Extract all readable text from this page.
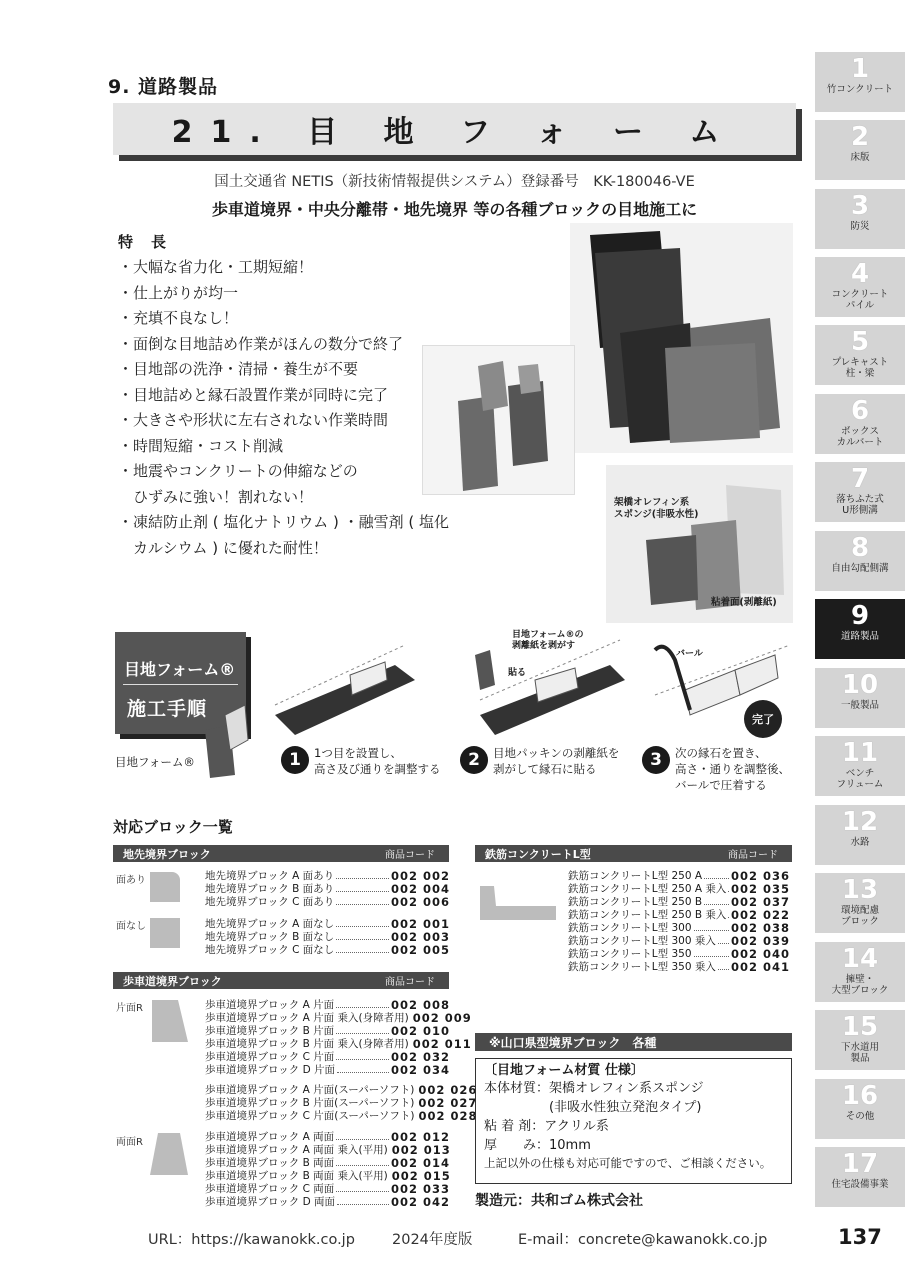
9. 道路製品
21. 目 地 フ ォ ー ム
国土交通省 NETIS（新技術情報提供システム）登録番号　KK-180046-VE
歩車道境界・中央分離帯・地先境界 等の各種ブロックの目地施工に
特長
・大幅な省力化・工期短縮！
・仕上がりが均一
・充填不良なし！
・面倒な目地詰め作業がほんの数分で終了
・目地部の洗浄・清掃・養生が不要
・目地詰めと縁石設置作業が同時に完了
・大きさや形状に左右されない作業時間
・時間短縮・コスト削減
・地震やコンクリートの伸縮などの
　ひずみに強い！割れない！
・凍結防止剤 ( 塩化ナトリウム ) ・融雪剤 ( 塩化
　カルシウム ) に優れた耐性！
架橋オレフィン系
スポンジ(非吸水性)
粘着面(剥離紙)
目地フォーム®
施工手順
目地フォーム®	1	1つ目を設置し、
高さ及び通りを調整する
目地フォーム®の
剥離紙を剥がす
貼る
2	目地パッキンの剥離紙を
剥がして縁石に貼る
バール
完了
3	次の縁石を置き、
高さ・通りを調整後、
バールで圧着する
対応ブロック一覧
地先境界ブロック	商品コード
面あり	地先境界ブロック A 面あり	002 002
地先境界ブロック B 面あり	002 004
地先境界ブロック C 面あり	002 006
面なし	地先境界ブロック A 面なし	002 001
地先境界ブロック B 面なし	002 003
地先境界ブロック C 面なし	002 005
歩車道境界ブロック	商品コード
片面R	歩車道境界ブロック A 片面	002 008
歩車道境界ブロック A 片面 乗入(身障者用) 002 009
歩車道境界ブロック B 片面	002 010
歩車道境界ブロック B 片面 乗入(身障者用) 002 011
歩車道境界ブロック C 片面	002 032
歩車道境界ブロック D 片面	002 034
歩車道境界ブロック A 片面(スーパーソフト) 002 026
歩車道境界ブロック B 片面(スーパーソフト) 002 027
歩車道境界ブロック C 片面(スーパーソフト) 002 028
両面R	歩車道境界ブロック A 両面	002 012
歩車道境界ブロック A 両面 乗入(平用) 002 013
歩車道境界ブロック B 両面	002 014
歩車道境界ブロック B 両面 乗入(平用) 002 015
歩車道境界ブロック C 両面	002 033
歩車道境界ブロック D 両面	002 042
鉄筋コンクリートL型	商品コード
鉄筋コンクリートL型 250 A	002 036
鉄筋コンクリートL型 250 A 乗入 002 035
鉄筋コンクリートL型 250 B	002 037
鉄筋コンクリートL型 250 B 乗入 002 022
鉄筋コンクリートL型 300	002 038
鉄筋コンクリートL型 300 乗入 002 039
鉄筋コンクリートL型 350	002 040
鉄筋コンクリートL型 350 乗入 002 041
※山口県型境界ブロック　各種
〔目地フォーム材質 仕様〕
本体材質：架橋オレフィン系スポンジ
　　　　　(非吸水性独立発泡タイプ)
粘 着 剤：アクリル系
厚　　み：10mm
上記以外の仕様も対応可能ですので、ご相談ください。
製造元：共和ゴム株式会社
URL：https://kawanokk.co.jp	2024年度版	E-mail：concrete@kawanokk.co.jp	137
1
竹コンクリート
2
床版
3
防災
4
コンクリート
パイル
5
プレキャスト
柱・梁
6
ボックス
カルバート
7
落ちふた式
U形側溝
8
自由勾配側溝
9
道路製品
10
一般製品
11
ベンチ
フリューム
12
水路
13
環境配慮
ブロック
14
擁壁・
大型ブロック
15
下水道用
製品
16
その他
17
住宅設備事業
